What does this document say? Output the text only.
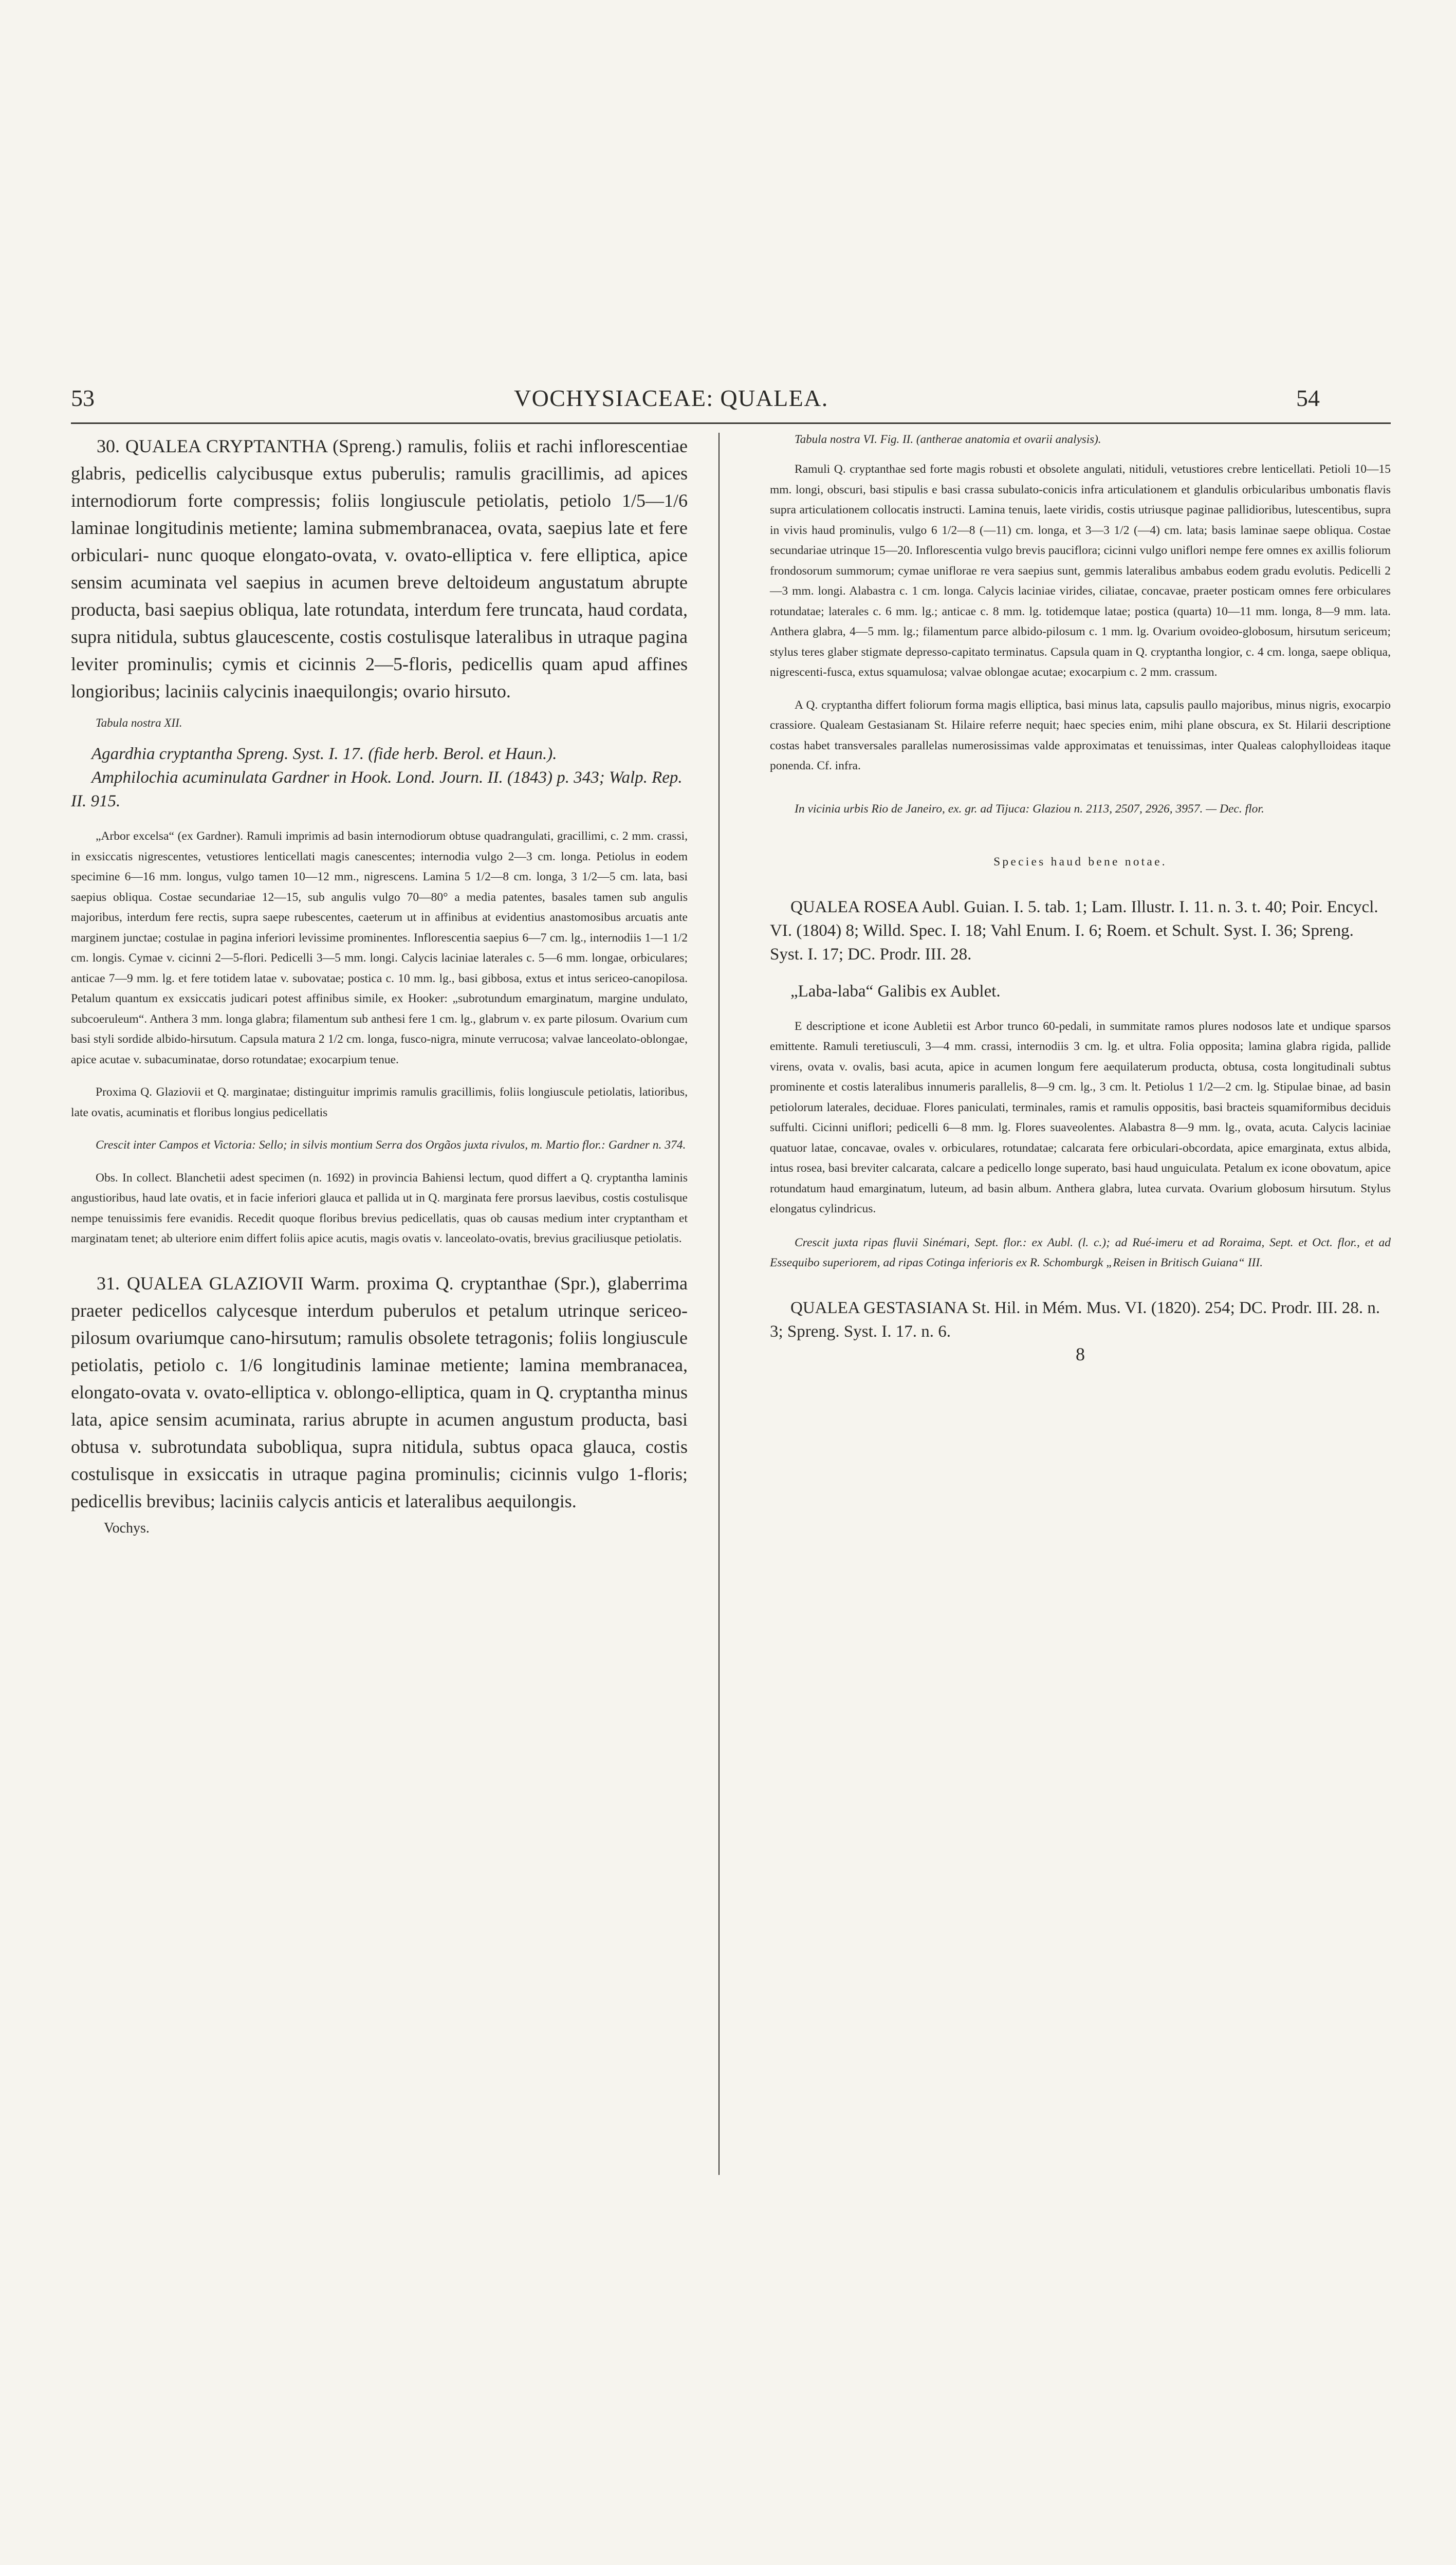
53	VOCHYSIACEAE: QUALEA.	54

30. QUALEA CRYPTANTHA (Spreng.) ramulis, foliis et rachi inflorescentiae glabris, pedicellis calycibusque extus puberulis; ramulis gracillimis, ad apices internodiorum forte compressis; foliis longiuscule petiolatis, petiolo 1/5—1/6 laminae longitudinis metiente; lamina submembranacea, ovata, saepius late et fere orbiculari- nunc quoque elongato-ovata, v. ovato-elliptica v. fere elliptica, apice sensim acuminata vel saepius in acumen breve deltoideum angustatum abrupte producta, basi saepius obliqua, late rotundata, interdum fere truncata, haud cordata, supra nitidula, subtus glaucescente, costis costulisque lateralibus in utraque pagina leviter prominulis; cymis et cicinnis 2—5-floris, pedicellis quam apud affines longioribus; laciniis calycinis inaequilongis; ovario hirsuto.

Tabula nostra XII.

Agardhia cryptantha Spreng. Syst. I. 17. (fide herb. Berol. et Haun.).

Amphilochia acuminulata Gardner in Hook. Lond. Journ. II. (1843) p. 343; Walp. Rep. II. 915.

„Arbor excelsa“ (ex Gardner). Ramuli imprimis ad basin internodiorum obtuse quadrangulati, gracillimi, c. 2 mm. crassi, in exsiccatis nigrescentes, vetustiores lenticellati magis canescentes; internodia vulgo 2—3 cm. longa. Petiolus in eodem specimine 6—16 mm. longus, vulgo tamen 10—12 mm., nigrescens. Lamina 5 1/2—8 cm. longa, 3 1/2—5 cm. lata, basi saepius obliqua. Costae secundariae 12—15, sub angulis vulgo 70—80° a media patentes, basales tamen sub angulis majoribus, interdum fere rectis, supra saepe rubescentes, caeterum ut in affinibus at evidentius anastomosibus arcuatis ante marginem junctae; costulae in pagina inferiori levissime prominentes. Inflorescentia saepius 6—7 cm. lg., internodiis 1—1 1/2 cm. longis. Cymae v. cicinni 2—5-flori. Pedicelli 3—5 mm. longi. Calycis laciniae laterales c. 5—6 mm. longae, orbiculares; anticae 7—9 mm. lg. et fere totidem latae v. subovatae; postica c. 10 mm. lg., basi gibbosa, extus et intus sericeo-canopilosa. Petalum quantum ex exsiccatis judicari potest affinibus simile, ex Hooker: „subrotundum emarginatum, margine undulato, subcoeruleum“. Anthera 3 mm. longa glabra; filamentum sub anthesi fere 1 cm. lg., glabrum v. ex parte pilosum. Ovarium cum basi styli sordide albido-hirsutum. Capsula matura 2 1/2 cm. longa, fusco-nigra, minute verrucosa; valvae lanceolato-oblongae, apice acutae v. subacuminatae, dorso rotundatae; exocarpium tenue.

Proxima Q. Glaziovii et Q. marginatae; distinguitur imprimis ramulis gracillimis, foliis longiuscule petiolatis, latioribus, late ovatis, acuminatis et floribus longius pedicellatis

Crescit inter Campos et Victoria: Sello; in silvis montium Serra dos Orgãos juxta rivulos, m. Martio flor.: Gardner n. 374.

Obs. In collect. Blanchetii adest specimen (n. 1692) in provincia Bahiensi lectum, quod differt a Q. cryptantha laminis angustioribus, haud late ovatis, et in facie inferiori glauca et pallida ut in Q. marginata fere prorsus laevibus, costis costulisque nempe tenuissimis fere evanidis. Recedit quoque floribus brevius pedicellatis, quas ob causas medium inter cryptantham et marginatam tenet; ab ulteriore enim differt foliis apice acutis, magis ovatis v. lanceolato-ovatis, brevius graciliusque petiolatis.

31. QUALEA GLAZIOVII Warm. proxima Q. cryptanthae (Spr.), glaberrima praeter pedicellos calycesque interdum puberulos et petalum utrinque sericeo-pilosum ovariumque cano-hirsutum; ramulis obsolete tetragonis; foliis longiuscule petiolatis, petiolo c. 1/6 longitudinis laminae metiente; lamina membranacea, elongato-ovata v. ovato-elliptica v. oblongo-elliptica, quam in Q. cryptantha minus lata, apice sensim acuminata, rarius abrupte in acumen angustum producta, basi obtusa v. subrotundata subobliqua, supra nitidula, subtus opaca glauca, costis costulisque in exsiccatis in utraque pagina prominulis; cicinnis vulgo 1-floris; pedicellis brevibus; laciniis calycis anticis et lateralibus aequilongis.

Vochys.

Tabula nostra VI. Fig. II. (antherae anatomia et ovarii analysis).

Ramuli Q. cryptanthae sed forte magis robusti et obsolete angulati, nitiduli, vetustiores crebre lenticellati. Petioli 10—15 mm. longi, obscuri, basi stipulis e basi crassa subulato-conicis infra articulationem et glandulis orbicularibus umbonatis flavis supra articulationem collocatis instructi. Lamina tenuis, laete viridis, costis utriusque paginae pallidioribus, lutescentibus, supra in vivis haud prominulis, vulgo 6 1/2—8 (—11) cm. longa, et 3—3 1/2 (—4) cm. lata; basis laminae saepe obliqua. Costae secundariae utrinque 15—20. Inflorescentia vulgo brevis pauciflora; cicinni vulgo uniflori nempe fere omnes ex axillis foliorum frondosorum summorum; cymae uniflorae re vera saepius sunt, gemmis lateralibus ambabus eodem gradu evolutis. Pedicelli 2—3 mm. longi. Alabastra c. 1 cm. longa. Calycis laciniae virides, ciliatae, concavae, praeter posticam omnes fere orbiculares rotundatae; laterales c. 6 mm. lg.; anticae c. 8 mm. lg. totidemque latae; postica (quarta) 10—11 mm. longa, 8—9 mm. lata. Anthera glabra, 4—5 mm. lg.; filamentum parce albido-pilosum c. 1 mm. lg. Ovarium ovoideo-globosum, hirsutum sericeum; stylus teres glaber stigmate depresso-capitato terminatus. Capsula quam in Q. cryptantha longior, c. 4 cm. longa, saepe obliqua, nigrescenti-fusca, extus squamulosa; valvae oblongae acutae; exocarpium c. 2 mm. crassum.

A Q. cryptantha differt foliorum forma magis elliptica, basi minus lata, capsulis paullo majoribus, minus nigris, exocarpio crassiore. Qualeam Gestasianam St. Hilaire referre nequit; haec species enim, mihi plane obscura, ex St. Hilarii descriptione costas habet transversales parallelas numerosissimas valde approximatas et tenuissimas, inter Qualeas calophylloideas itaque ponenda. Cf. infra.

In vicinia urbis Rio de Janeiro, ex. gr. ad Tijuca: Glaziou n. 2113, 2507, 2926, 3957. — Dec. flor.

Species haud bene notae.

QUALEA ROSEA Aubl. Guian. I. 5. tab. 1; Lam. Illustr. I. 11. n. 3. t. 40; Poir. Encycl. VI. (1804) 8; Willd. Spec. I. 18; Vahl Enum. I. 6; Roem. et Schult. Syst. I. 36; Spreng. Syst. I. 17; DC. Prodr. III. 28.

„Laba-laba“ Galibis ex Aublet.

E descriptione et icone Aubletii est Arbor trunco 60-pedali, in summitate ramos plures nodosos late et undique sparsos emittente. Ramuli teretiusculi, 3—4 mm. crassi, internodiis 3 cm. lg. et ultra. Folia opposita; lamina glabra rigida, pallide virens, ovata v. ovalis, basi acuta, apice in acumen longum fere aequilaterum producta, obtusa, costa longitudinali subtus prominente et costis lateralibus innumeris parallelis, 8—9 cm. lg., 3 cm. lt. Petiolus 1 1/2—2 cm. lg. Stipulae binae, ad basin petiolorum laterales, deciduae. Flores paniculati, terminales, ramis et ramulis oppositis, basi bracteis squamiformibus deciduis suffulti. Cicinni uniflori; pedicelli 6—8 mm. lg. Flores suaveolentes. Alabastra 8—9 mm. lg., ovata, acuta. Calycis laciniae quatuor latae, concavae, ovales v. orbiculares, rotundatae; calcarata fere orbiculari-obcordata, apice emarginata, extus albida, intus rosea, basi breviter calcarata, calcare a pedicello longe superato, basi haud unguiculata. Petalum ex icone obovatum, apice rotundatum haud emarginatum, luteum, ad basin album. Anthera glabra, lutea curvata. Ovarium globosum hirsutum. Stylus elongatus cylindricus.

Crescit juxta ripas fluvii Sinémari, Sept. flor.: ex Aubl. (l. c.); ad Rué-imeru et ad Roraima, Sept. et Oct. flor., et ad Essequibo superiorem, ad ripas Cotinga inferioris ex R. Schomburgk „Reisen in Britisch Guiana“ III.

QUALEA GESTASIANA St. Hil. in Mém. Mus. VI. (1820). 254; DC. Prodr. III. 28. n. 3; Spreng. Syst. I. 17. n. 6.

8
